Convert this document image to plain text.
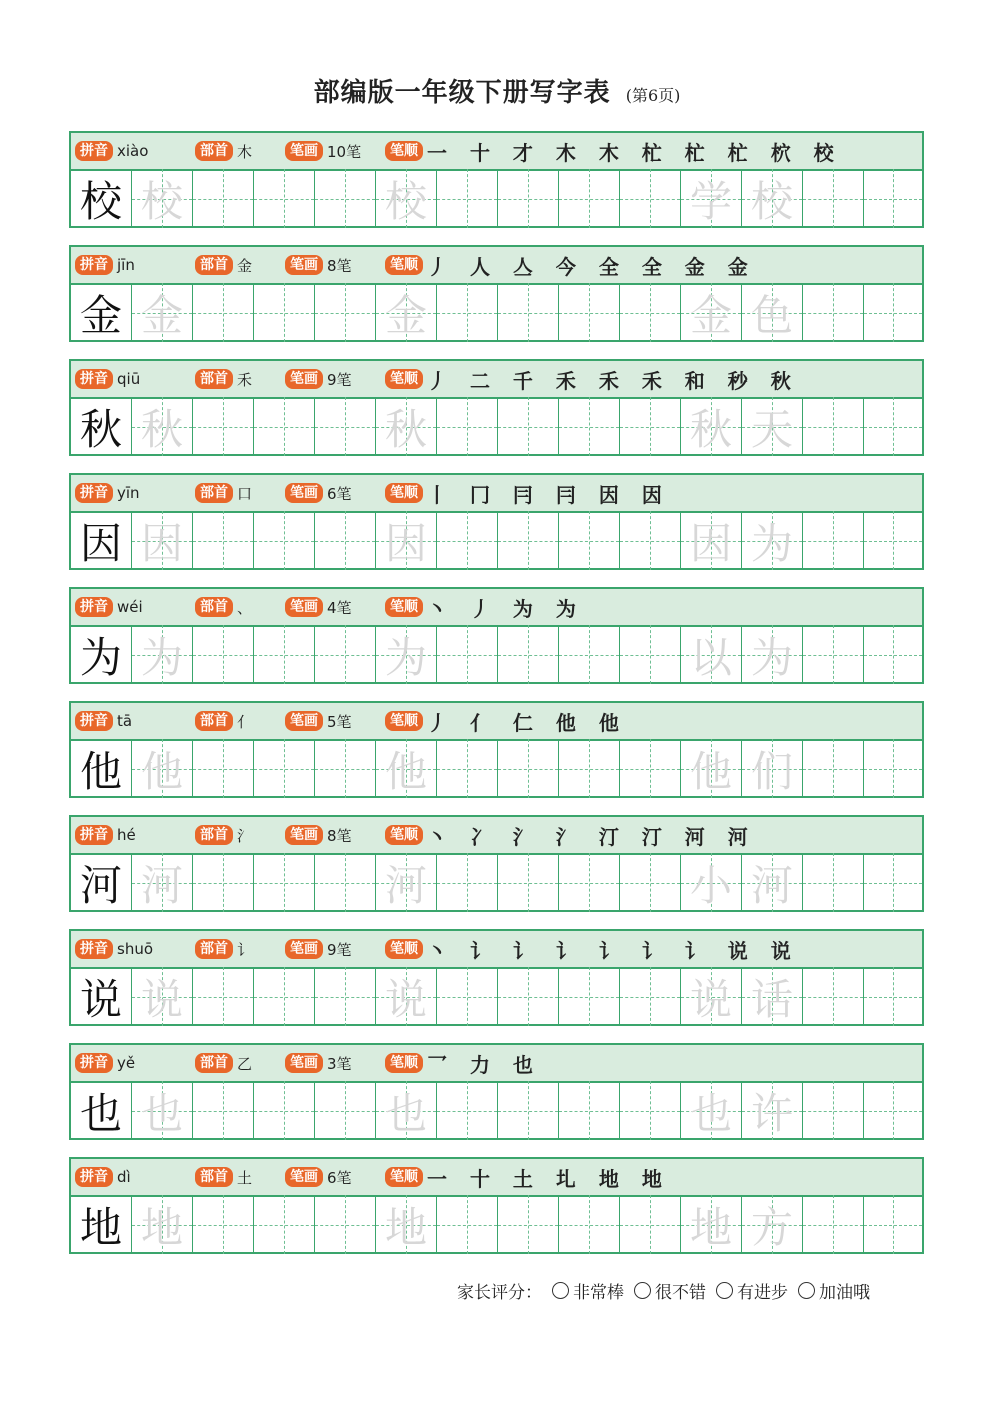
部编版一年级下册写字表 (第6页)
拼音 xiào	部首 木	笔画 10笔	笔顺 一 十 才 木 木 杧 杧 杧 柼 校
校 校	校	学 校
拼音 jīn	部首 金	笔画 8笔	笔顺 丿 人 亼 今 全 全 金 金
金 金	金	金 色
拼音 qiū	部首 禾	笔画 9笔	笔顺 丿 二 千 禾 禾 禾 和 秒 秋
秋 秋	秋	秋 天
拼音 yīn	部首 口	笔画 6笔	笔顺 丨 冂 冃 冃 因 因
因 因	因	因 为
拼音 wéi	部首 、	笔画 4笔	笔顺 丶 丿 为 为
为 为	为	以 为
拼音 tā	部首 亻	笔画 5笔	笔顺 丿 亻 仁 他 他
他 他	他	他 们
拼音 hé	部首 氵	笔画 8笔	笔顺 丶 冫 氵 氵 汀 汀 河 河
河 河	河	小 河
拼音 shuō	部首 讠	笔画 9笔	笔顺 丶 讠 讠 讠 讠 讠 讠 说 说
说 说	说	说 话
拼音 yě	部首 乙	笔画 3笔	笔顺 乛 力 也
也 也	也	也 许
拼音 dì	部首 土	笔画 6笔	笔顺 一 十 土 圠 地 地
地 地	地	地 方
家长评分： 非常棒 很不错 有进步 加油哦
